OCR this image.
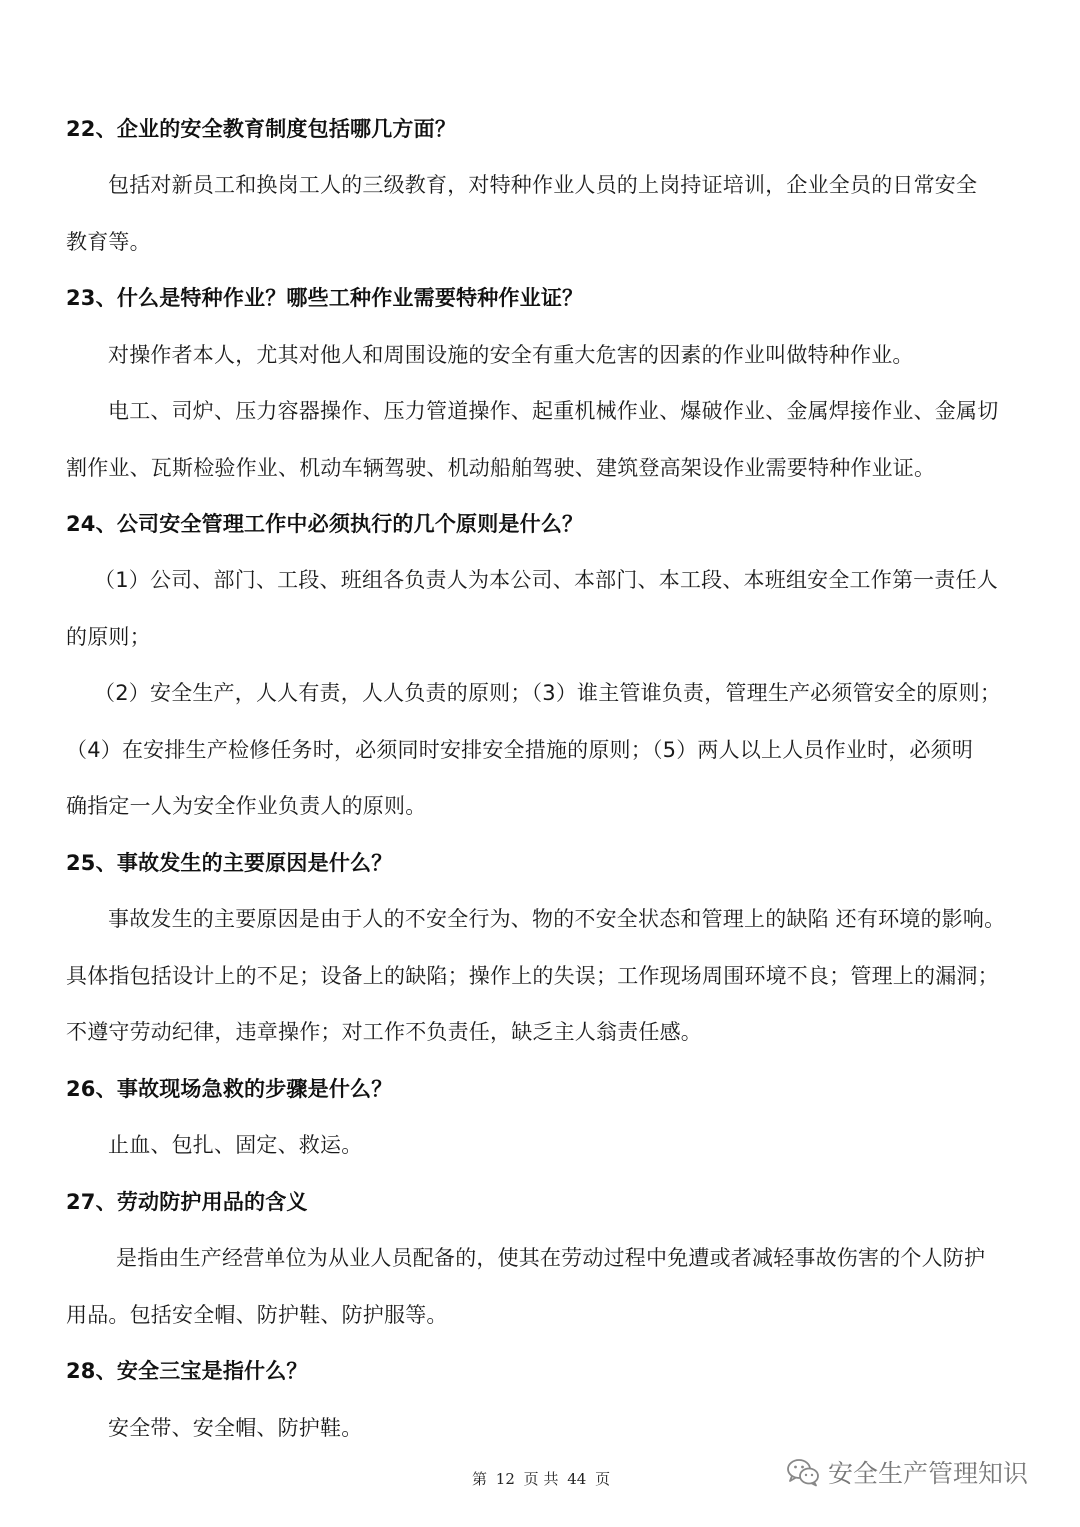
22、企业的安全教育制度包括哪几方面？
包括对新员工和换岗工人的三级教育，对特种作业人员的上岗持证培训，企业全员的日常安全
教育等。
23、什么是特种作业？哪些工种作业需要特种作业证？
对操作者本人，尤其对他人和周围设施的安全有重大危害的因素的作业叫做特种作业。
电工、司炉、压力容器操作、压力管道操作、起重机械作业、爆破作业、金属焊接作业、金属切
割作业、瓦斯检验作业、机动车辆驾驶、机动船舶驾驶、建筑登高架设作业需要特种作业证。
24、公司安全管理工作中必须执行的几个原则是什么？
（1）公司、部门、工段、班组各负责人为本公司、本部门、本工段、本班组安全工作第一责任人
的原则；
（2）安全生产，人人有责，人人负责的原则；（3）谁主管谁负责，管理生产必须管安全的原则；
（4）在安排生产检修任务时，必须同时安排安全措施的原则；（5）两人以上人员作业时，必须明
确指定一人为安全作业负责人的原则。
25、事故发生的主要原因是什么？
事故发生的主要原因是由于人的不安全行为、物的不安全状态和管理上的缺陷 还有环境的影响。
具体指包括设计上的不足；设备上的缺陷；操作上的失误；工作现场周围环境不良；管理上的漏洞；
不遵守劳动纪律，违章操作；对工作不负责任，缺乏主人翁责任感。
26、事故现场急救的步骤是什么？
止血、包扎、固定、救运。
27、劳动防护用品的含义
是指由生产经营单位为从业人员配备的，使其在劳动过程中免遭或者减轻事故伤害的个人防护
用品。包括安全帽、防护鞋、防护服等。
28、安全三宝是指什么？
安全带、安全帽、防护鞋。
第 12 页 共 44 页	安全生产管理知识
